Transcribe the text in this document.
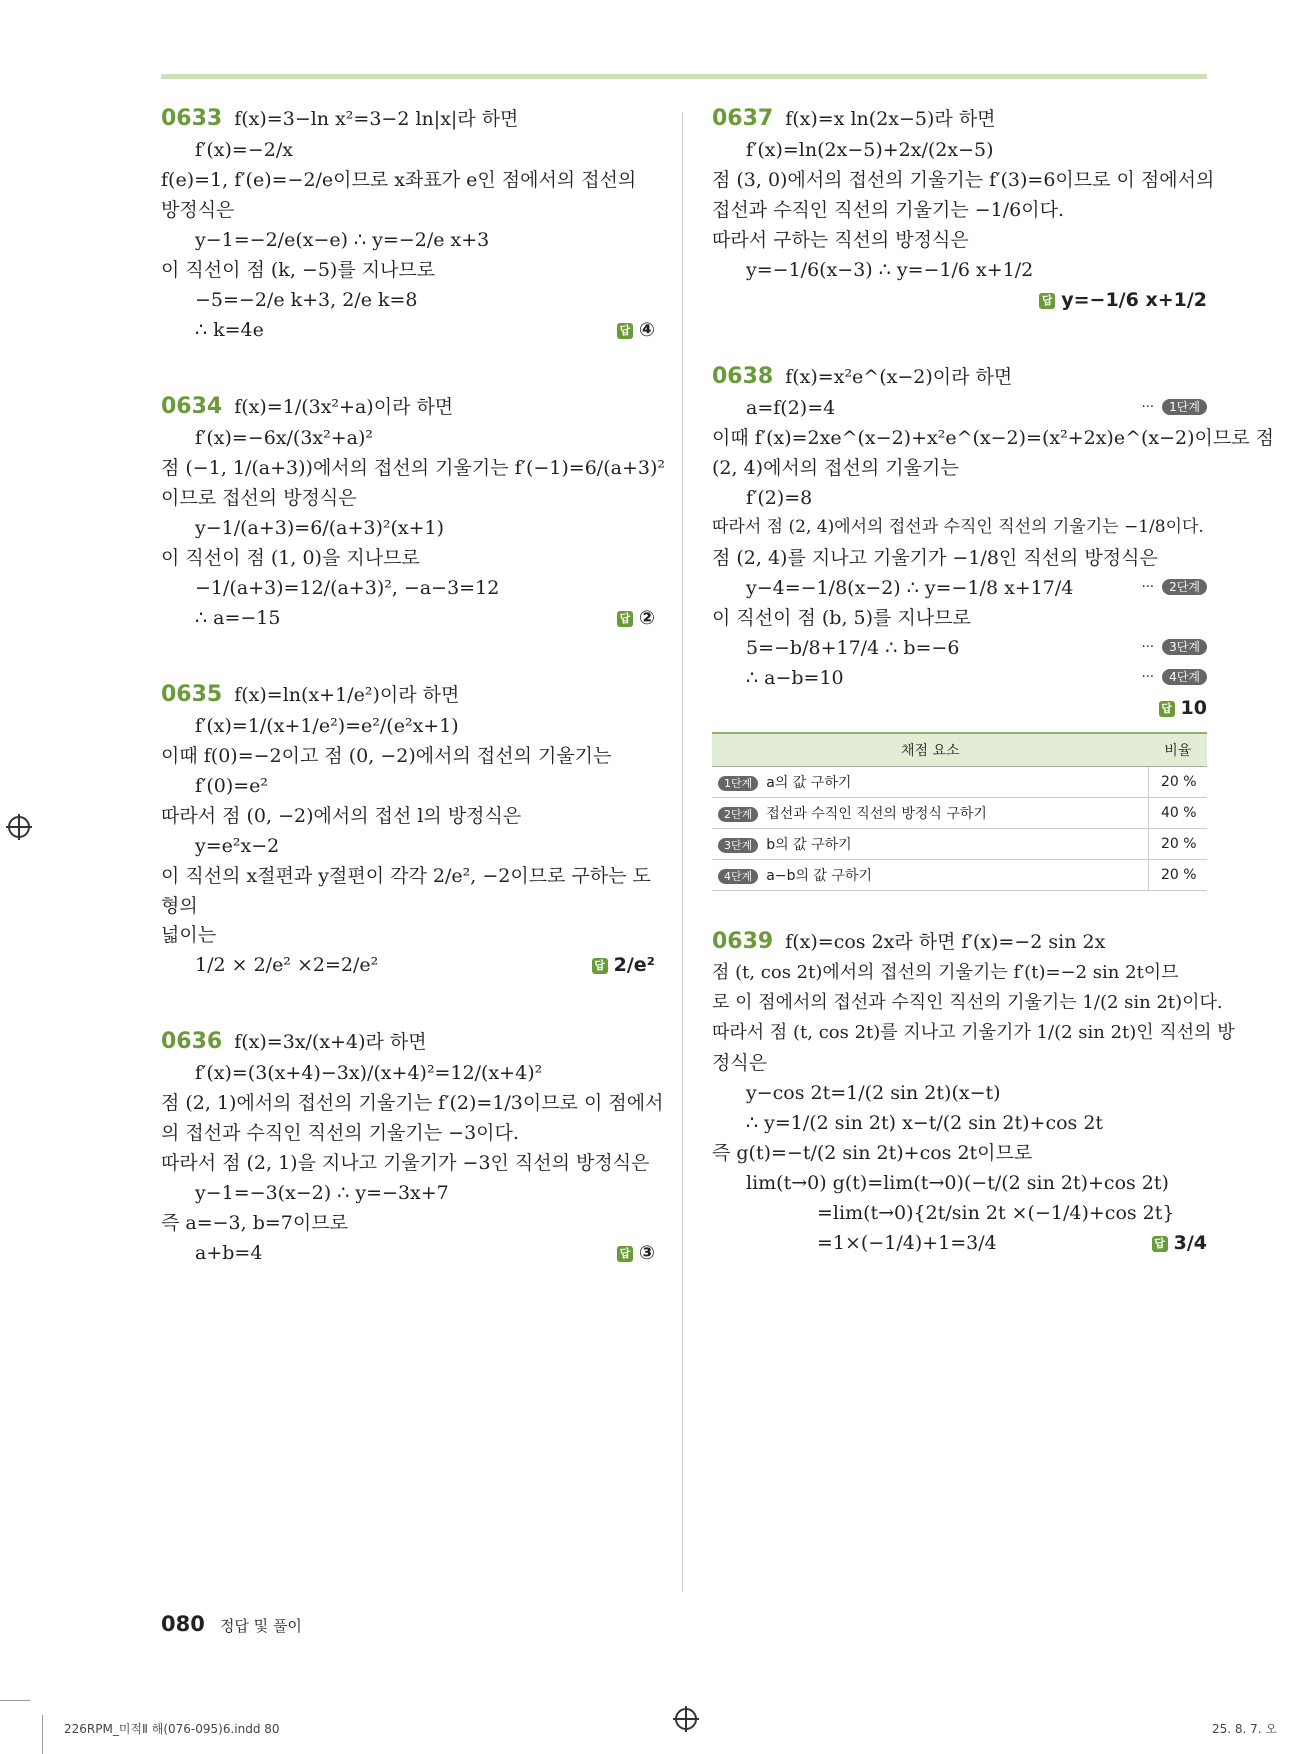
0633 f(x)=3−ln x²=3−2 ln|x|라 하면
f′(x)=−2/x
f(e)=1, f′(e)=−2/e이므로 x좌표가 e인 점에서의 접선의
방정식은
y−1=−2/e(x−e) ∴ y=−2/e x+3
이 직선이 점 (k, −5)를 지나므로
−5=−2/e k+3, 2/e k=8
∴ k=4e	답 ④
0634 f(x)=1/(3x²+a)이라 하면
f′(x)=−6x/(3x²+a)²
점 (−1, 1/(a+3))에서의 접선의 기울기는 f′(−1)=6/(a+3)²
이므로 접선의 방정식은
y−1/(a+3)=6/(a+3)²(x+1)
이 직선이 점 (1, 0)을 지나므로
−1/(a+3)=12/(a+3)², −a−3=12
∴ a=−15	답 ②
0635 f(x)=ln(x+1/e²)이라 하면
f′(x)=1/(x+1/e²)=e²/(e²x+1)
이때 f(0)=−2이고 점 (0, −2)에서의 접선의 기울기는
f′(0)=e²
따라서 점 (0, −2)에서의 접선 l의 방정식은
y=e²x−2
이 직선의 x절편과 y절편이 각각 2/e², −2이므로 구하는 도형의
넓이는
1/2 × 2/e² ×2=2/e²	답 2/e²
0636 f(x)=3x/(x+4)라 하면
f′(x)=(3(x+4)−3x)/(x+4)²=12/(x+4)²
점 (2, 1)에서의 접선의 기울기는 f′(2)=1/3이므로 이 점에서
의 접선과 수직인 직선의 기울기는 −3이다.
따라서 점 (2, 1)을 지나고 기울기가 −3인 직선의 방정식은
y−1=−3(x−2) ∴ y=−3x+7
즉 a=−3, b=7이므로
a+b=4	답 ③
0637 f(x)=x ln(2x−5)라 하면
f′(x)=ln(2x−5)+2x/(2x−5)
점 (3, 0)에서의 접선의 기울기는 f′(3)=6이므로 이 점에서의
접선과 수직인 직선의 기울기는 −1/6이다.
따라서 구하는 직선의 방정식은
y=−1/6(x−3) ∴ y=−1/6 x+1/2
답 y=−1/6 x+1/2
0638 f(x)=x²e^(x−2)이라 하면
a=f(2)=4	··· 1단계
이때 f′(x)=2xe^(x−2)+x²e^(x−2)=(x²+2x)e^(x−2)이므로 점
(2, 4)에서의 접선의 기울기는
f′(2)=8
따라서 점 (2, 4)에서의 접선과 수직인 직선의 기울기는 −1/8이다.
점 (2, 4)를 지나고 기울기가 −1/8인 직선의 방정식은
y−4=−1/8(x−2) ∴ y=−1/8 x+17/4	··· 2단계
이 직선이 점 (b, 5)를 지나므로
5=−b/8+17/4 ∴ b=−6	··· 3단계
∴ a−b=10	··· 4단계
답 10
채점 요소	비율
1단계 a의 값 구하기	20 %
2단계 접선과 수직인 직선의 방정식 구하기	40 %
3단계 b의 값 구하기	20 %
4단계 a−b의 값 구하기	20 %
0639 f(x)=cos 2x라 하면 f′(x)=−2 sin 2x
점 (t, cos 2t)에서의 접선의 기울기는 f′(t)=−2 sin 2t이므
로 이 점에서의 접선과 수직인 직선의 기울기는 1/(2 sin 2t)이다.
따라서 점 (t, cos 2t)를 지나고 기울기가 1/(2 sin 2t)인 직선의 방
정식은
y−cos 2t=1/(2 sin 2t)(x−t)
∴ y=1/(2 sin 2t) x−t/(2 sin 2t)+cos 2t
즉 g(t)=−t/(2 sin 2t)+cos 2t이므로
lim(t→0) g(t)=lim(t→0)(−t/(2 sin 2t)+cos 2t)
=lim(t→0){2t/sin 2t ×(−1/4)+cos 2t}
=1×(−1/4)+1=3/4	답 3/4
080 정답 및 풀이
226RPM_미적Ⅱ 해(076-095)6.indd 80	25. 8. 7. 오
